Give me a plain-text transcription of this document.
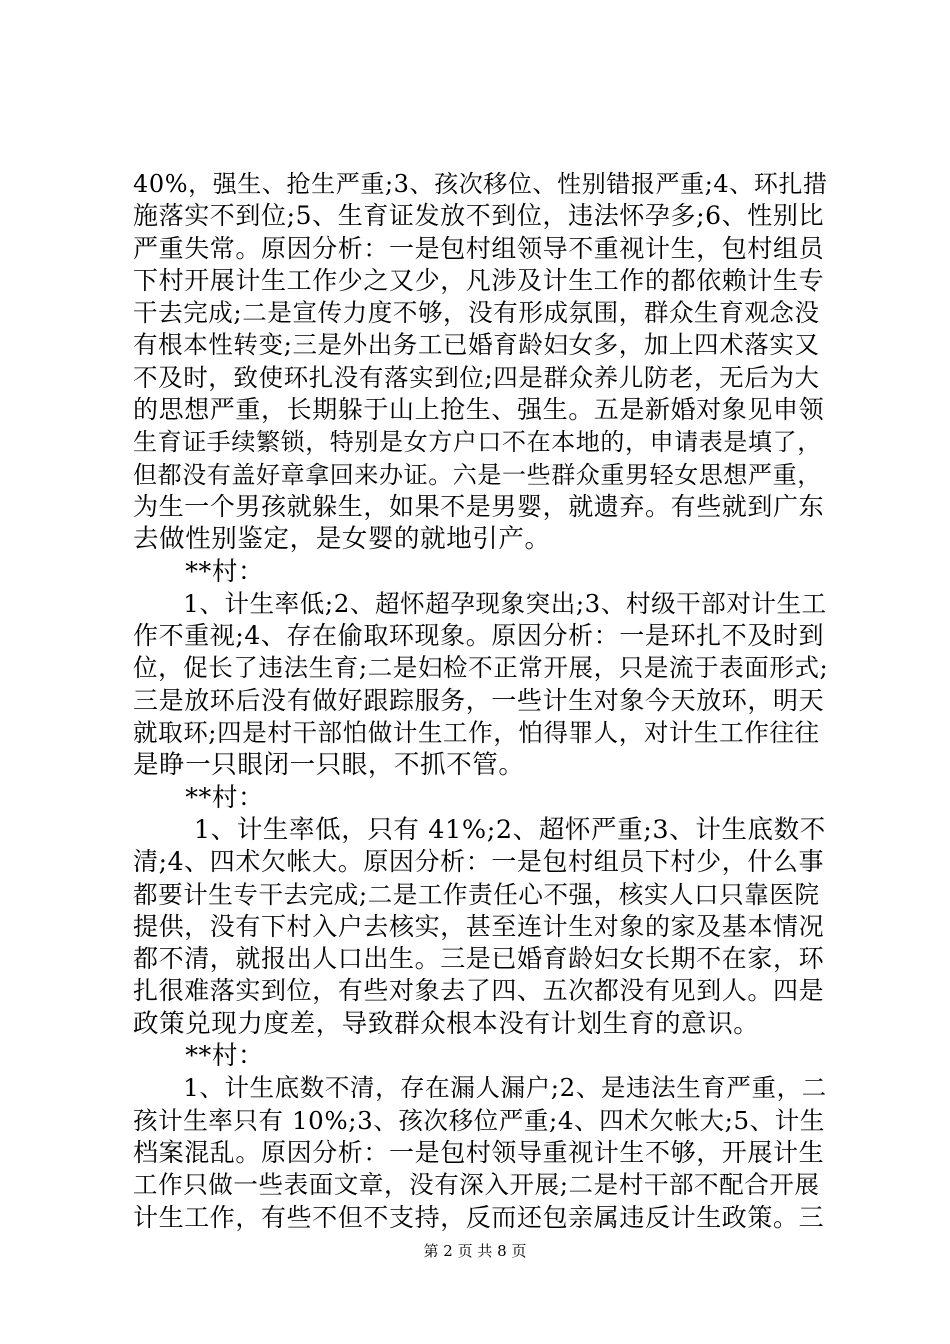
40%，强生、抢生严重;3、孩次移位、性别错报严重;4、环扎措
施落实不到位;5、生育证发放不到位，违法怀孕多;6、性别比
严重失常。原因分析：一是包村组领导不重视计生，包村组员
下村开展计生工作少之又少，凡涉及计生工作的都依赖计生专
干去完成;二是宣传力度不够，没有形成氛围，群众生育观念没
有根本性转变;三是外出务工已婚育龄妇女多，加上四术落实又
不及时，致使环扎没有落实到位;四是群众养儿防老，无后为大
的思想严重，长期躲于山上抢生、强生。五是新婚对象见申领
生育证手续繁锁，特别是女方户口不在本地的，申请表是填了，
但都没有盖好章拿回来办证。六是一些群众重男轻女思想严重，
为生一个男孩就躲生，如果不是男婴，就遗弃。有些就到广东
去做性别鉴定，是女婴的就地引产。
　　**村：
　　1、计生率低;2、超怀超孕现象突出;3、村级干部对计生工
作不重视;4、存在偷取环现象。原因分析：一是环扎不及时到
位，促长了违法生育;二是妇检不正常开展，只是流于表面形式;
三是放环后没有做好跟踪服务，一些计生对象今天放环，明天
就取环;四是村干部怕做计生工作，怕得罪人，对计生工作往往
是睁一只眼闭一只眼，不抓不管。
　　**村：
　　 1、计生率低，只有 41%;2、超怀严重;3、计生底数不
清;4、四术欠帐大。原因分析：一是包村组员下村少，什么事
都要计生专干去完成;二是工作责任心不强，核实人口只靠医院
提供，没有下村入户去核实，甚至连计生对象的家及基本情况
都不清，就报出人口出生。三是已婚育龄妇女长期不在家，环
扎很难落实到位，有些对象去了四、五次都没有见到人。四是
政策兑现力度差，导致群众根本没有计划生育的意识。
　　**村：
　　1、计生底数不清，存在漏人漏户;2、是违法生育严重，二
孩计生率只有 10%;3、孩次移位严重;4、四术欠帐大;5、计生
档案混乱。原因分析：一是包村领导重视计生不够，开展计生
工作只做一些表面文章，没有深入开展;二是村干部不配合开展
计生工作，有些不但不支持，反而还包亲属违反计生政策。三
第 2 页 共 8 页
